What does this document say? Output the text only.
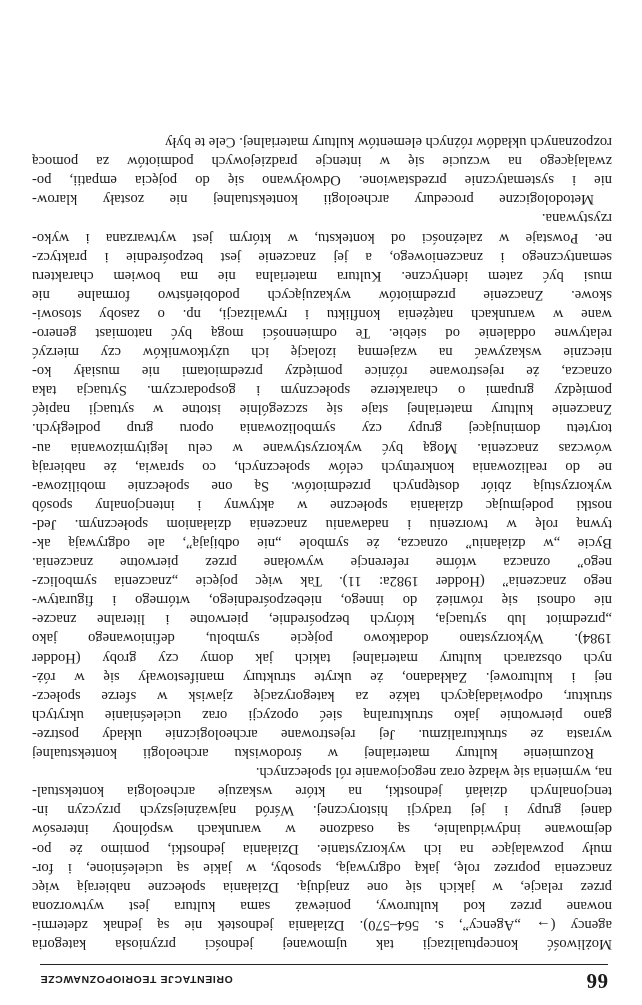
66
ORIENTACJE TEORIOPOZNAWCZE
Możliwość konceptualizacji tak ujmowanej jedności przyniosła kategoria
agency (→ „Agency”, s. 564–570). Działania jednostek nie są jednak zdetermi-
nowane przez kod kulturowy, ponieważ sama kultura jest wytworzona
przez relacje, w jakich się one znajdują. Działania społeczne nabierają więc
znaczenia poprzez rolę, jaką odgrywają, sposoby, w jakie są ucieleśnione, i for-
muły pozwalające na ich wykorzystanie. Działania jednostki, pomimo że po-
dejmowane indywidualnie, są osadzone w warunkach wspólnoty interesów
danej grupy i jej tradycji historycznej. Wśród najważniejszych przyczyn in-
tencjonalnych działań jednostki, na które wskazuje archeologia kontekstual-
na, wymienia się władzę oraz negocjowanie ról społecznych.
Rozumienie kultury materialnej w środowisku archeologii kontekstualnej
wyrasta ze strukturalizmu. Jej rejestrowane archeologicznie układy postrze-
gano pierwotnie jako strukturalną sieć opozycji oraz ucieleśnianie ukrytych
struktur, odpowiadających także za kategoryzację zjawisk w sferze społecz-
nej i kulturowej. Zakładano, że ukryte struktury manifestowały się w róż-
nych obszarach kultury materialnej takich jak domy czy groby (Hodder
1984). Wykorzystano dodatkowo pojęcie symbolu, definiowanego jako
„przedmiot lub sytuacja, których bezpośrednie, pierwotne i literalne znacze-
nie odnosi się również do innego, niebezpośredniego, wtórnego i figuratyw-
nego znaczenia” (Hodder 1982a: 11). Tak więc pojęcie „znaczenia symbolicz-
nego” oznacza wtórne referencje wywołane przez pierwotne znaczenia.
Bycie „w działaniu” oznacza, że symbole „nie odbijają”, ale odgrywają ak-
tywną rolę w tworzeniu i nadawaniu znaczenia działaniom społecznym. Jed-
nostki podejmując działania społeczne w aktywny i intencjonalny sposób
wykorzystują zbiór dostępnych przedmiotów. Są one społecznie mobilizowa-
ne do realizowania konkretnych celów społecznych, co sprawia, że nabierają
wówczas znaczenia. Mogą być wykorzystywane w celu legitymizowania au-
torytetu dominującej grupy czy symbolizowania oporu grup podległych.
Znaczenie kultury materialnej staje się szczególnie istotne w sytuacji napięć
pomiędzy grupami o charakterze społecznym i gospodarczym. Sytuacja taka
oznacza, że rejestrowane różnice pomiędzy przedmiotami nie musiały ko-
niecznie wskazywać na wzajemną izolację ich użytkowników czy mierzyć
relatywne oddalenie od siebie. Te odmienności mogą być natomiast genero-
wane w warunkach natężenia konfliktu i rywalizacji, np. o zasoby stosowi-
skowe. Znaczenie przedmiotów wykazujących podobieństwo formalne nie
musi być zatem identyczne. Kultura materialna nie ma bowiem charakteru
semantycznego i znaczeniowego, a jej znaczenie jest bezpośrednie i praktycz-
ne. Powstaje w zależności od kontekstu, w którym jest wytwarzana i wyko-
rzystywana.
Metodologiczne procedury archeologii kontekstualnej nie zostały klarow-
nie i systematycznie przedstawione. Odwoływano się do pojęcia empatii, po-
zwalającego na wczucie się w intencje pradziejowych podmiotów za pomocą
rozpoznanych układów różnych elementów kultury materialnej. Cele te były
